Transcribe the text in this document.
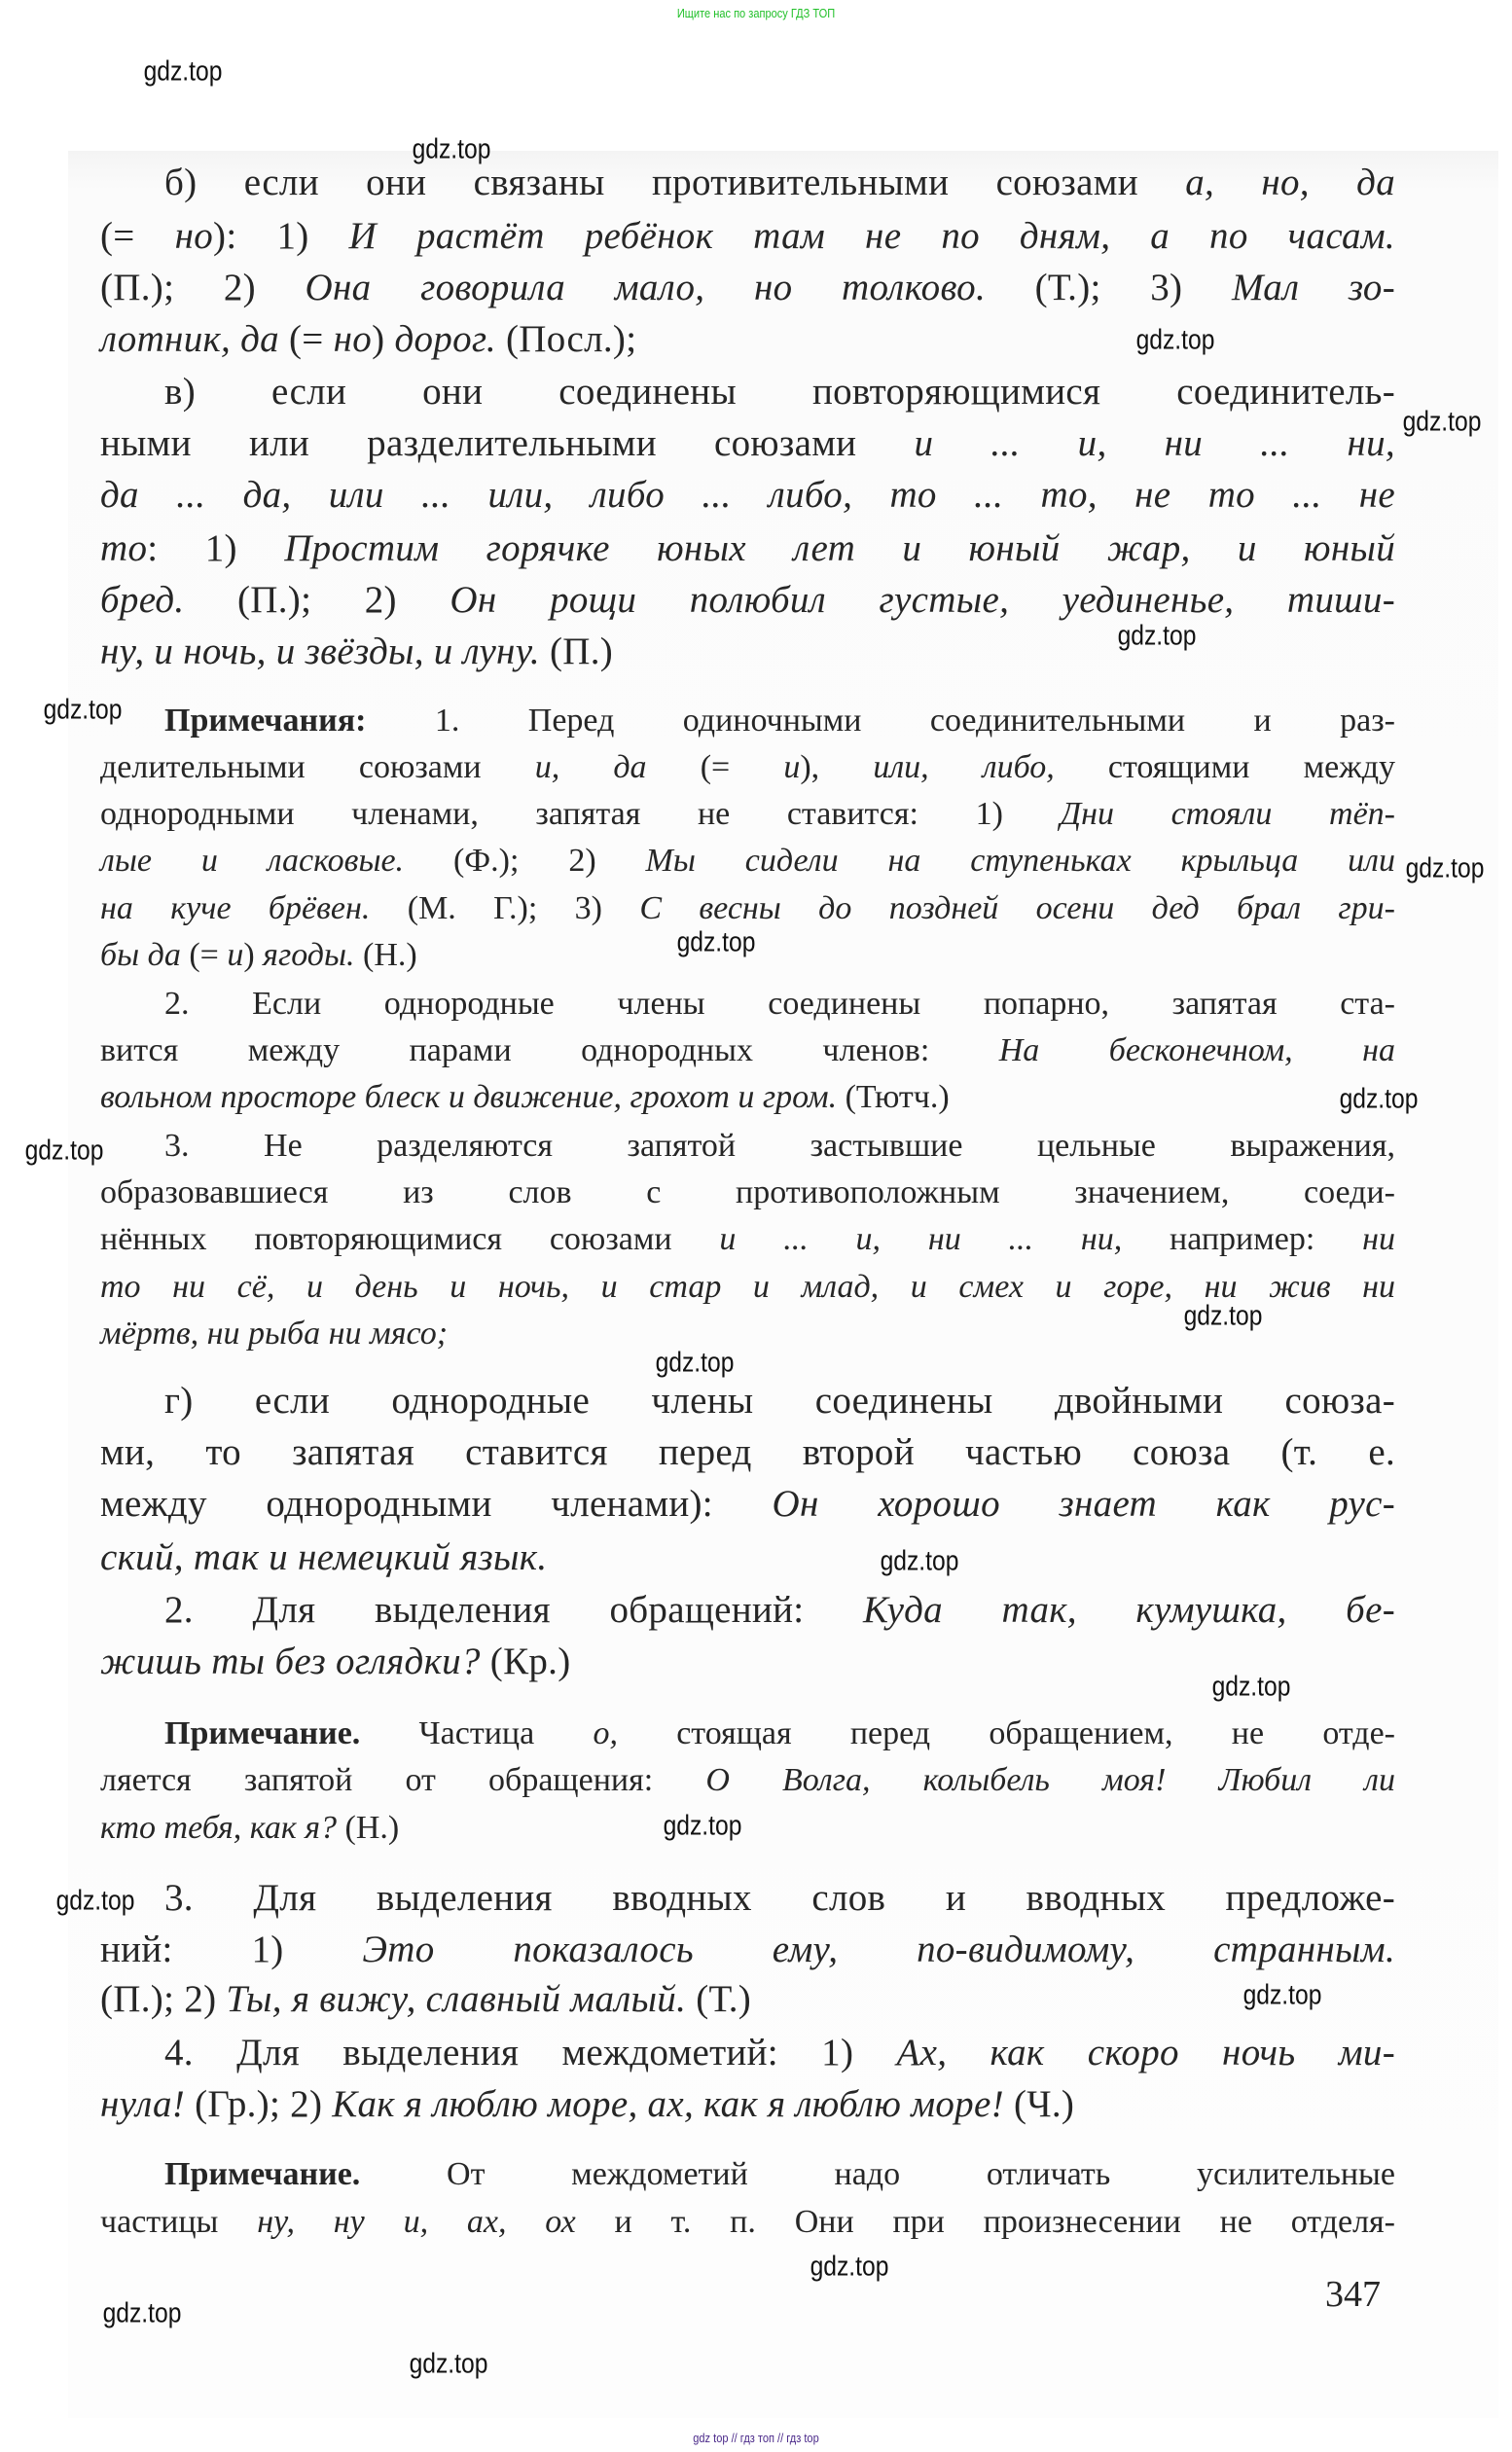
Ищите нас по запросу ГДЗ ТОП
б) если они связаны противительными союзами а, но, да
(= но): 1) И растёт ребёнок там не по дням, а по часам.
(П.); 2) Она говорила мало, но толково. (Т.); 3) Мал зо-
лотник, да (= но) дорог. (Посл.);
в) если они соединены повторяющимися соединитель-
ными или разделительными союзами и ... и, ни ... ни,
да ... да, или ... или, либо ... либо, то ... то, не то ... не
то: 1) Простим горячке юных лет и юный жар, и юный
бред. (П.); 2) Он рощи полюбил густые, уединенье, тиши-
ну, и ночь, и звёзды, и луну. (П.)
Примечания: 1. Перед одиночными соединительными и раз-
делительными союзами и, да (= и), или, либо, стоящими между
однородными членами, запятая не ставится: 1) Дни стояли тёп-
лые и ласковые. (Ф.); 2) Мы сидели на ступеньках крыльца или
на куче брёвен. (М. Г.); 3) С весны до поздней осени дед брал гри-
бы да (= и) ягоды. (Н.)
2. Если однородные члены соединены попарно, запятая ста-
вится между парами однородных членов: На бесконечном, на
вольном просторе блеск и движение, грохот и гром. (Тютч.)
3. Не разделяются запятой застывшие цельные выражения,
образовавшиеся из слов с противоположным значением, соеди-
нённых повторяющимися союзами и ... и, ни ... ни, например: ни
то ни сё, и день и ночь, и стар и млад, и смех и горе, ни жив ни
мёртв, ни рыба ни мясо;
г) если однородные члены соединены двойными союза-
ми, то запятая ставится перед второй частью союза (т. е.
между однородными членами): Он хорошо знает как рус-
ский, так и немецкий язык.
2. Для выделения обращений: Куда так, кумушка, бе-
жишь ты без оглядки? (Кр.)
Примечание. Частица о, стоящая перед обращением, не отде-
ляется запятой от обращения: О Волга, колыбель моя! Любил ли
кто тебя, как я? (Н.)
3. Для выделения вводных слов и вводных предложе-
ний: 1) Это показалось ему, по-видимому, странным.
(П.); 2) Ты, я вижу, славный малый. (Т.)
4. Для выделения междометий: 1) Ах, как скоро ночь ми-
нула! (Гр.); 2) Как я люблю море, ах, как я люблю море! (Ч.)
Примечание. От междометий надо отличать усилительные
частицы ну, ну и, ах, ох и т. п. Они при произнесении не отделя-
347
gdz.top
gdz.top
gdz.top
gdz.top
gdz.top
gdz.top
gdz.top
gdz.top
gdz.top
gdz.top
gdz.top
gdz.top
gdz.top
gdz.top
gdz.top
gdz.top
gdz.top
gdz.top
gdz.top
gdz.top
gdz top // гдз топ // гдз top
